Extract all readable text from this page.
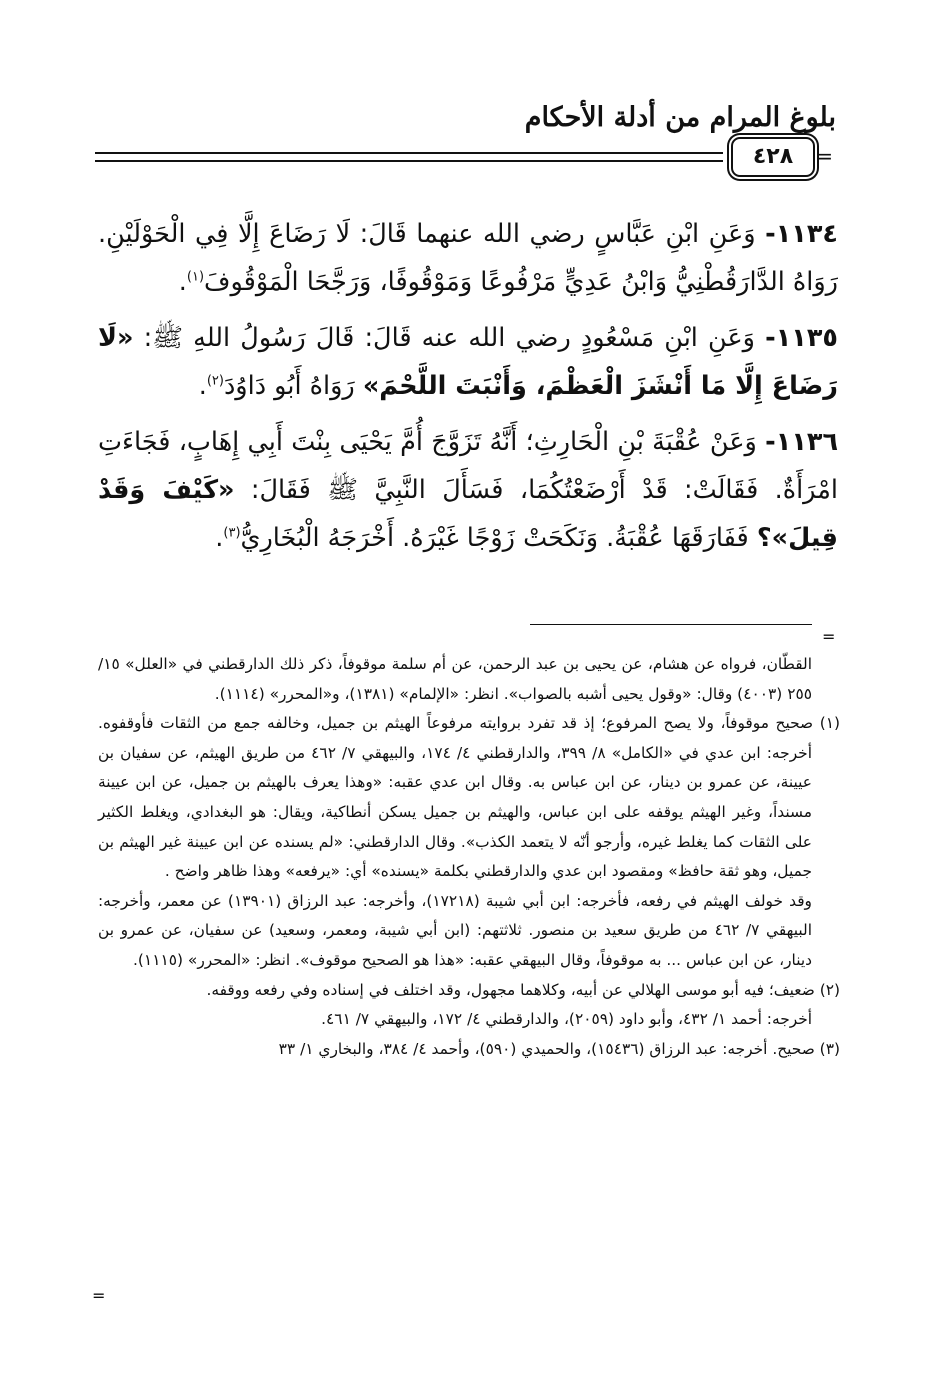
بلوغ المرام من أدلة الأحكام
٤٢٨	=

١١٣٤- وَعَنِ ابْنِ عَبَّاسٍ رضي الله عنهما قَالَ: لَا رَضَاعَ إِلَّا فِي الْحَوْلَيْنِ. رَوَاهُ الدَّارَقُطْنِيُّ وَابْنُ عَدِيٍّ مَرْفُوعًا وَمَوْقُوفًا، وَرَجَّحَا الْمَوْقُوفَ$^{(١)}$.

١١٣٥- وَعَنِ ابْنِ مَسْعُودٍ رضي الله عنه قَالَ: قَالَ رَسُولُ اللهِ ﷺ: «لَا رَضَاعَ إِلَّا مَا أَنْشَزَ الْعَظْمَ، وَأَنْبَتَ اللَّحْمَ» رَوَاهُ أَبُو دَاوُدَ$^{(٢)}$.

١١٣٦- وَعَنْ عُقْبَةَ بْنِ الْحَارِثِ؛ أَنَّهُ تَزَوَّجَ أُمَّ يَحْيَى بِنْتَ أَبِي إِهَابٍ، فَجَاءَتِ امْرَأَةٌ. فَقَالَتْ: قَدْ أَرْضَعْتُكُمَا، فَسَأَلَ النَّبِيَّ ﷺ فَقَالَ: «كَيْفَ وَقَدْ قِيلَ»؟ فَفَارَقَهَا عُقْبَةُ. وَنَكَحَتْ زَوْجًا غَيْرَهُ. أَخْرَجَهُ الْبُخَارِيُّ$^{(٣)}$.

=

القطّان، فرواه عن هشام، عن يحيى بن عبد الرحمن، عن أم سلمة موقوفاً، ذكر ذلك الدارقطني في «العلل» ١٥/ ٢٥٥ (٤٠٠٣) وقال: «وقول يحيى أشبه بالصواب». انظر: «الإلمام» (١٣٨١)، و«المحرر» (١١١٤).

(١) صحيح موقوفاً، ولا يصح المرفوع؛ إذ قد تفرد بروايته مرفوعاً الهيثم بن جميل، وخالفه جمع من الثقات فأوقفوه. أخرجه: ابن عدي في «الكامل» ٨/ ٣٩٩، والدارقطني ٤/ ١٧٤، والبيهقي ٧/ ٤٦٢ من طريق الهيثم، عن سفيان بن عيينة، عن عمرو بن دينار، عن ابن عباس به. وقال ابن عدي عقبه: «وهذا يعرف بالهيثم بن جميل، عن ابن عيينة مسنداً، وغير الهيثم يوقفه على ابن عباس، والهيثم بن جميل يسكن أنطاكية، ويقال: هو البغدادي، ويغلط الكثير على الثقات كما يغلط غيره، وأرجو أنّه لا يتعمد الكذب». وقال الدارقطني: «لم يسنده عن ابن عيينة غير الهيثم بن جميل، وهو ثقة حافظ» ومقصود ابن عدي والدارقطني بكلمة «يسنده» أي: «يرفعه» وهذا ظاهر واضح .

وقد خولف الهيثم في رفعه، فأخرجه: ابن أبي شيبة (١٧٢١٨)، وأخرجه: عبد الرزاق (١٣٩٠١) عن معمر، وأخرجه: البيهقي ٧/ ٤٦٢ من طريق سعيد بن منصور. ثلاثتهم: (ابن أبي شيبة، ومعمر، وسعيد) عن سفيان، عن عمرو بن دينار، عن ابن عباس ... به موقوفاً، وقال البيهقي عقبه: «هذا هو الصحيح موقوف». انظر: «المحرر» (١١١٥).

(٢) ضعيف؛ فيه أبو موسى الهلالي عن أبيه، وكلاهما مجهول، وقد اختلف في إسناده وفي رفعه ووقفه.

أخرجه: أحمد ١/ ٤٣٢، وأبو داود (٢٠٥٩)، والدارقطني ٤/ ١٧٢، والبيهقي ٧/ ٤٦١.

(٣) صحيح. أخرجه: عبد الرزاق (١٥٤٣٦)، والحميدي (٥٩٠)، وأحمد ٤/ ٣٨٤، والبخاري ١/ ٣٣

=
